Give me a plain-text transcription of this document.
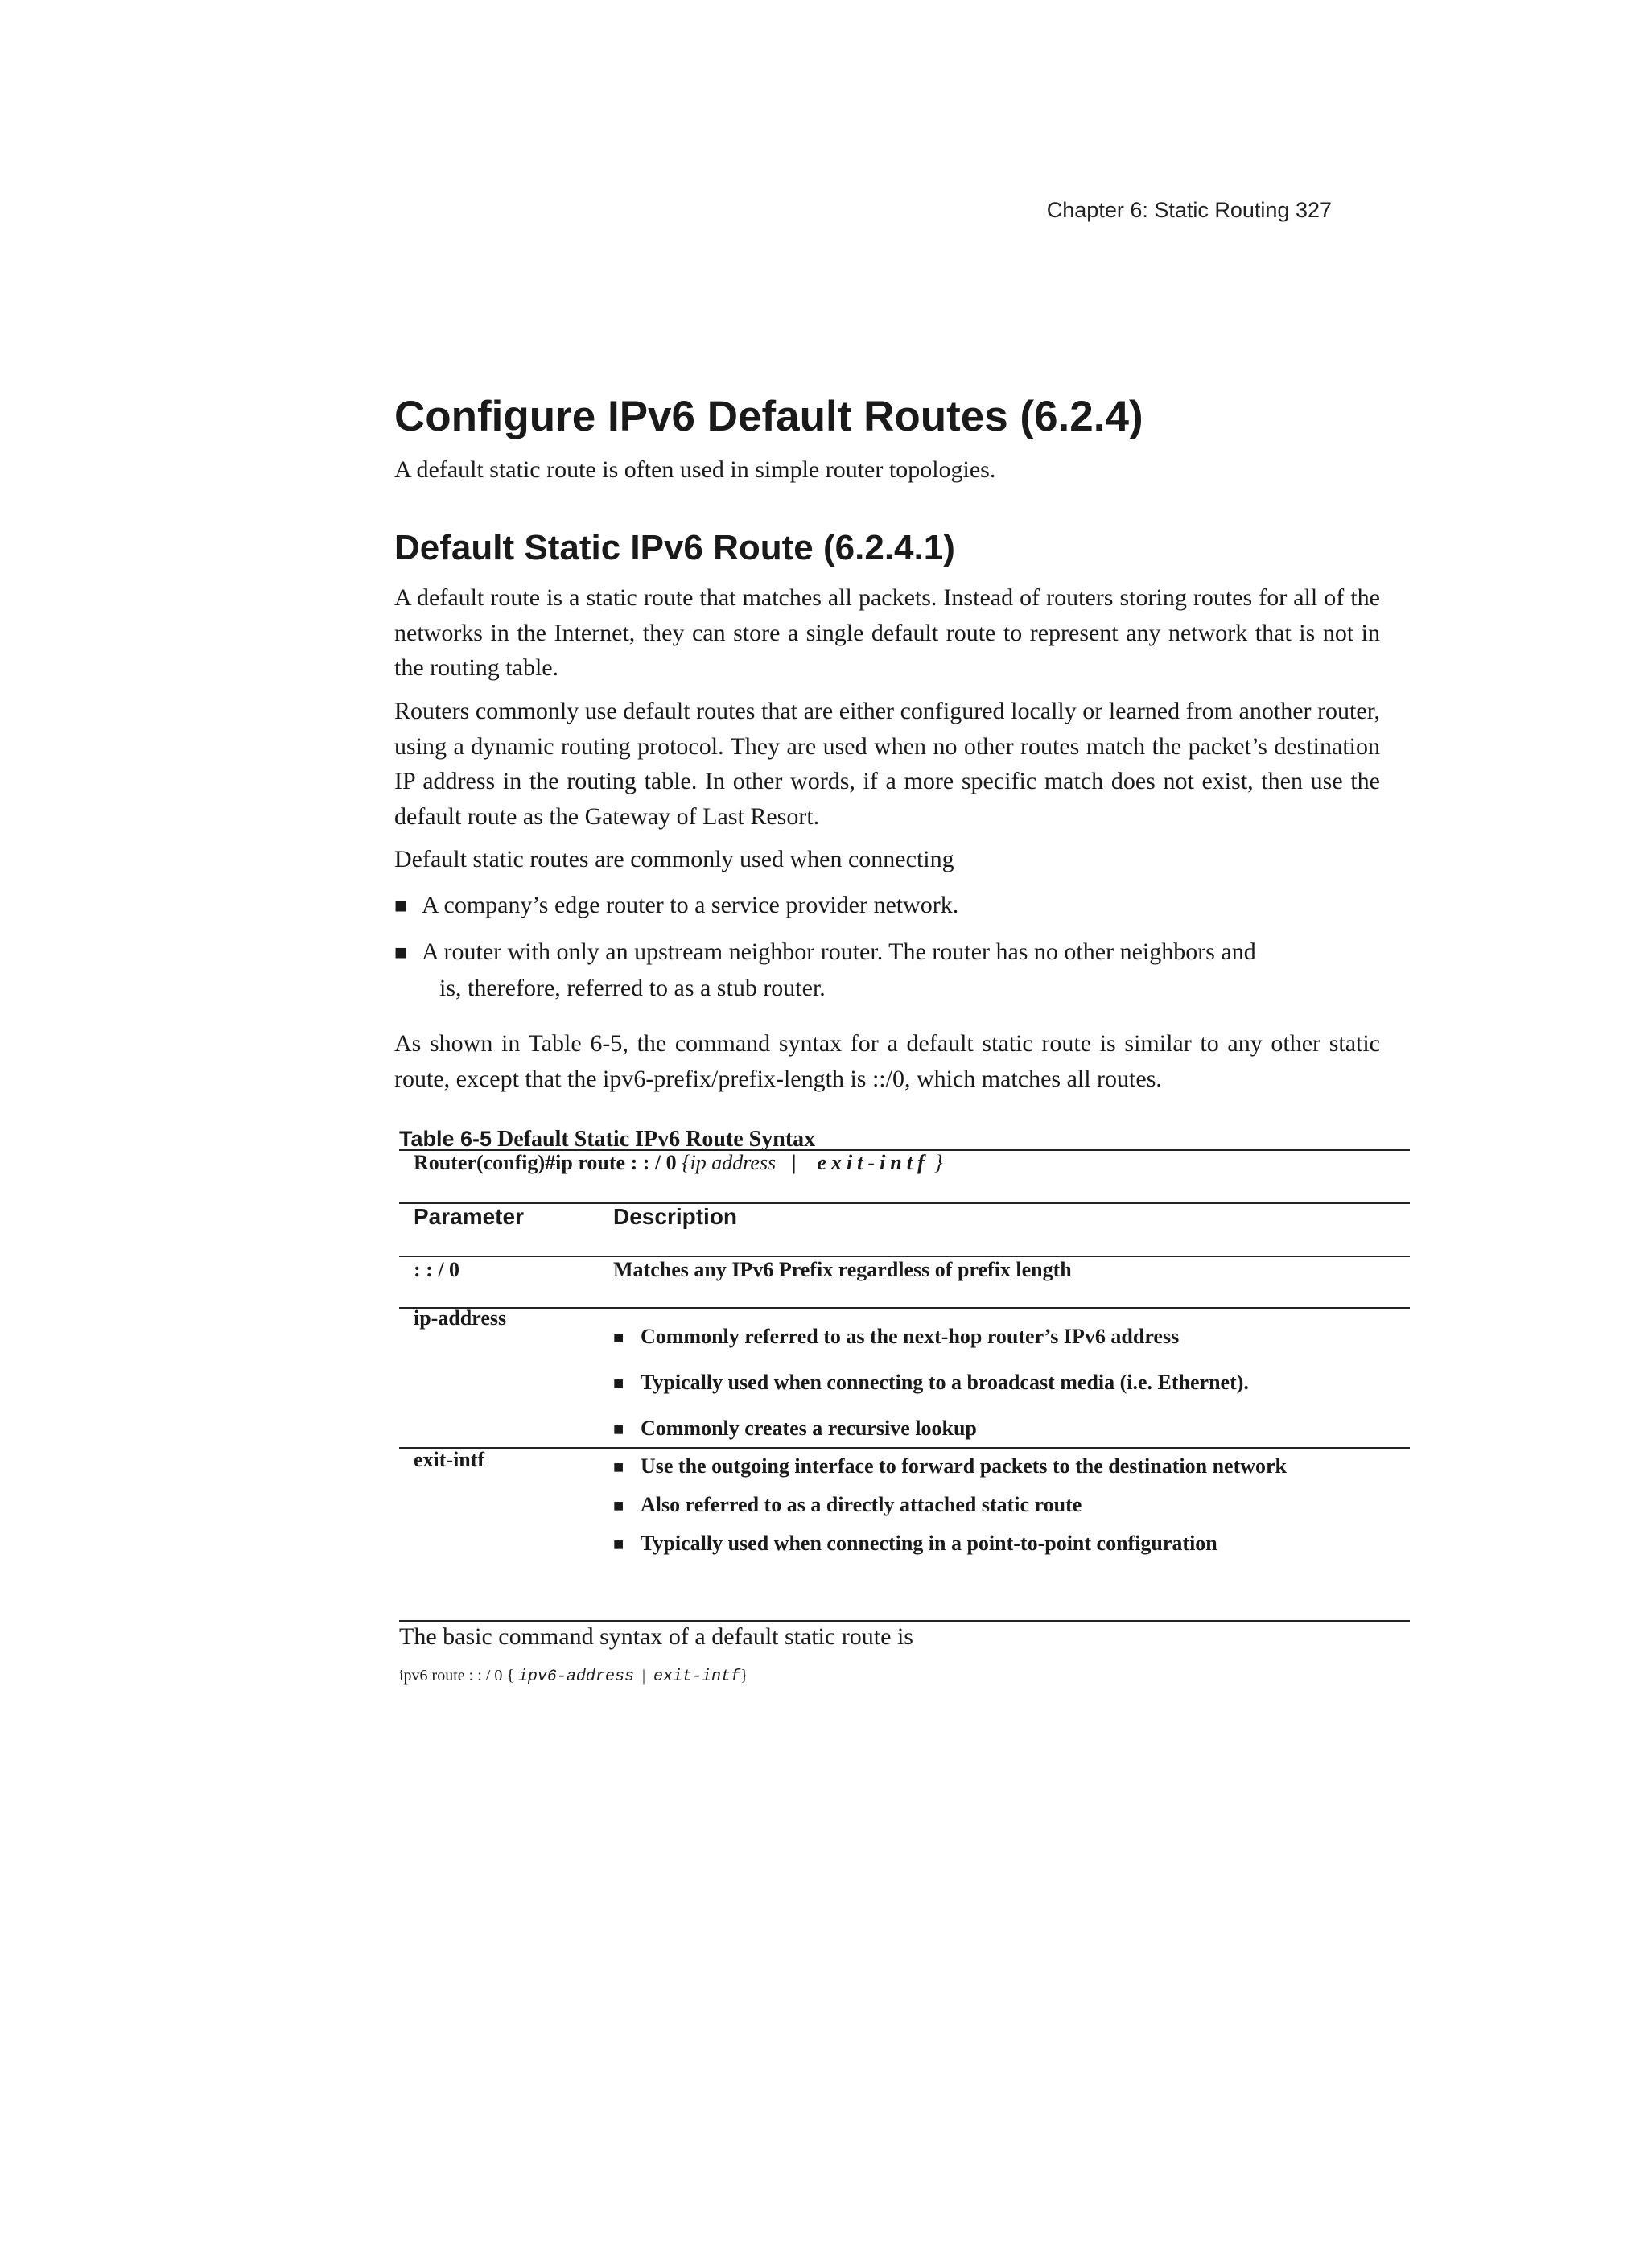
Chapter 6: Static Routing 327
Configure IPv6 Default Routes (6.2.4)

A default static route is often used in simple router topologies.

Default Static IPv6 Route (6.2.4.1)

A default route is a static route that matches all packets. Instead of routers storing routes for all of the networks in the Internet, they can store a single default route to represent any network that is not in the routing table.

Routers commonly use default routes that are either configured locally or learned from another router, using a dynamic routing protocol. They are used when no other routes match the packet’s destination IP address in the routing table. In other words, if a more specific match does not exist, then use the default route as the Gateway of Last Resort.

Default static routes are commonly used when connecting

■ A company’s edge router to a service provider network.
■ A router with only an upstream neighbor router. The router has no other neighbors and
is, therefore, referred to as a stub router.

As shown in Table 6-5, the command syntax for a default static route is similar to any other static route, except that the ipv6-prefix/prefix-length is ::/0, which matches all routes.

Table 6-5 Default Static IPv6 Route Syntax
Router(config)#ip route : : / 0 {ip address | exit-intf }
Parameter	Description
: : / 0	Matches any IPv6 Prefix regardless of prefix length
ip-address
■ Commonly referred to as the next-hop router’s IPv6 address
■ Typically used when connecting to a broadcast media (i.e. Ethernet).
■ Commonly creates a recursive lookup
exit-intf	■ Use the outgoing interface to forward packets to the destination network
■ Also referred to as a directly attached static route
■ Typically used when connecting in a point-to-point configuration

The basic command syntax of a default static route is

ipv6 route : : / 0 { ipv6-address | exit-intf}
